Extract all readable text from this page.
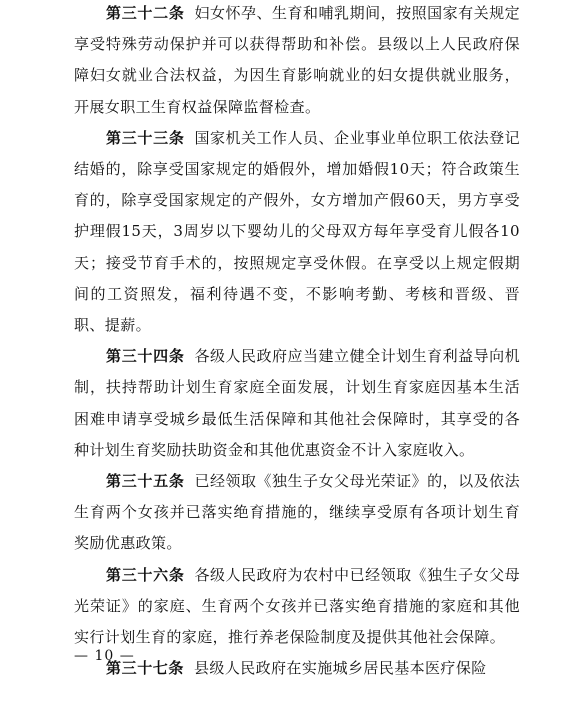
第三十二条 妇女怀孕、生育和哺乳期间，按照国家有关规定享受特殊劳动保护并可以获得帮助和补偿。县级以上人民政府保障妇女就业合法权益，为因生育影响就业的妇女提供就业服务，开展女职工生育权益保障监督检查。

第三十三条 国家机关工作人员、企业事业单位职工依法登记结婚的，除享受国家规定的婚假外，增加婚假10天；符合政策生育的，除享受国家规定的产假外，女方增加产假60天，男方享受护理假15天，3周岁以下婴幼儿的父母双方每年享受育儿假各10天；接受节育手术的，按照规定享受休假。在享受以上规定假期间的工资照发，福利待遇不变，不影响考勤、考核和晋级、晋职、提薪。

第三十四条 各级人民政府应当建立健全计划生育利益导向机制，扶持帮助计划生育家庭全面发展，计划生育家庭因基本生活困难申请享受城乡最低生活保障和其他社会保障时，其享受的各种计划生育奖励扶助资金和其他优惠资金不计入家庭收入。

第三十五条 已经领取《独生子女父母光荣证》的，以及依法生育两个女孩并已落实绝育措施的，继续享受原有各项计划生育奖励优惠政策。

第三十六条 各级人民政府为农村中已经领取《独生子女父母光荣证》的家庭、生育两个女孩并已落实绝育措施的家庭和其他实行计划生育的家庭，推行养老保险制度及提供其他社会保障。

第三十七条 县级人民政府在实施城乡居民基本医疗保险

— 10 —
